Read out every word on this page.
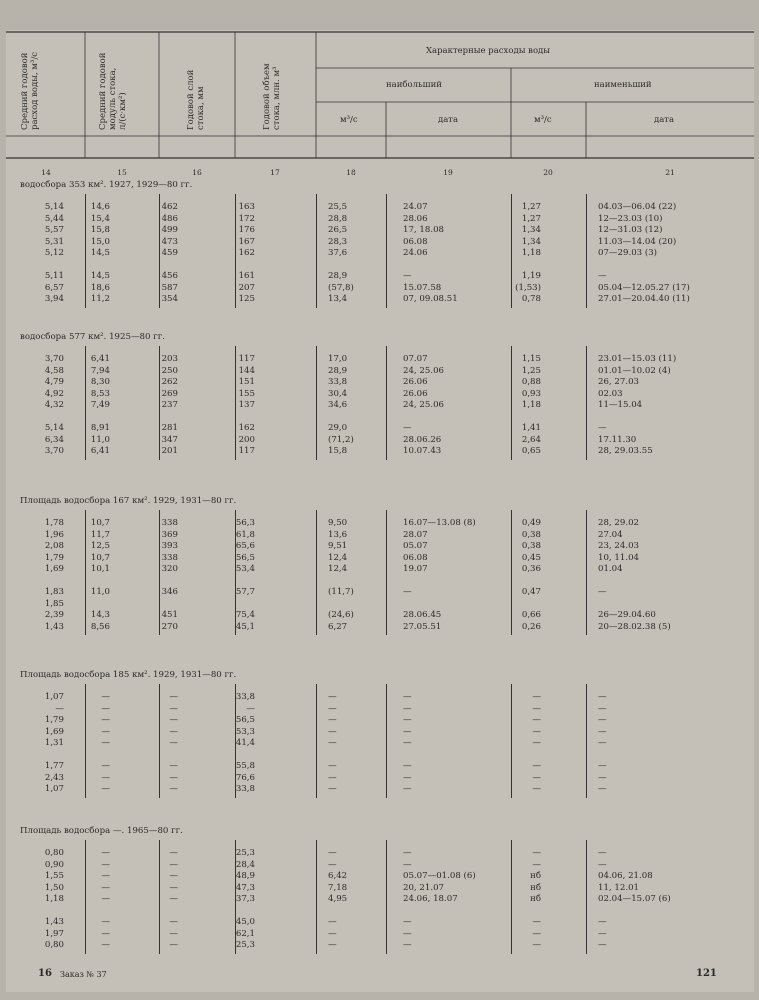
Средний годовой расход воды, м³/с	Средний годовой модуль стока, л/(с·км²)	Годовой слой стока, мм	Годовой объем стока, млн. м³
Характерные расходы воды
наибольший	наименьший
м³/с	дата	м³/с	дата
14	15	16	17	18	19	20	21
водосбора 353 км². 1927, 1929—80 гг.
5,14	14,6	462	163	25,5	24.07	1,27	04.03—06.04 (22)
5,44	15,4	486	172	28,8	28.06	1,27	12—23.03 (10)
5,57	15,8	499	176	26,5	17, 18.08	1,34	12—31.03 (12)
5,31	15,0	473	167	28,3	06.08	1,34	11.03—14.04 (20)
5,12	14,5	459	162	37,6	24.06	1,18	07—29.03 (3)
5,11	14,5	456	161	28,9	—	1,19	—
6,57	18,6	587	207	(57,8)	15.07.58	(1,53)	05.04—12.05.27 (17)
3,94	11,2	354	125	13,4	07, 09.08.51	0,78	27.01—20.04.40 (11)
водосбора 577 км². 1925—80 гг.
3,70	6,41	203	117	17,0	07.07	1,15	23.01—15.03 (11)
4,58	7,94	250	144	28,9	24, 25.06	1,25	01.01—10.02 (4)
4,79	8,30	262	151	33,8	26.06	0,88	26, 27.03
4,92	8,53	269	155	30,4	26.06	0,93	02.03
4,32	7,49	237	137	34,6	24, 25.06	1,18	11—15.04
5,14	8,91	281	162	29,0	—	1,41	—
6,34	11,0	347	200	(71,2)	28.06.26	2,64	17.11.30
3,70	6,41	201	117	15,8	10.07.43	0,65	28, 29.03.55
Площадь водосбора 167 км². 1929, 1931—80 гг.
1,78	10,7	338	56,3	9,50	16.07—13.08 (8)	0,49	28, 29.02
1,96	11,7	369	61,8	13,6	28.07	0,38	27.04
2,08	12,5	393	65,6	9,51	05.07	0,38	23, 24.03
1,79	10,7	338	56,5	12,4	06.08	0,45	10, 11.04
1,69	10,1	320	53,4	12,4	19.07	0,36	01.04
1,83	11,0	346	57,7	(11,7)	—	0,47	—
1,85
2,39	14,3	451	75,4	(24,6)	28.06.45	0,66	26—29.04.60
1,43	8,56	270	45,1	6,27	27.05.51	0,26	20—28.02.38 (5)
Площадь водосбора 185 км². 1929, 1931—80 гг.
1,07	—	—	33,8	—	—	—	—
—	—	—	—	—	—	—	—
1,79	—	—	56,5	—	—	—	—
1,69	—	—	53,3	—	—	—	—
1,31	—	—	41,4	—	—	—	—
1,77	—	—	55,8	—	—	—	—
2,43	—	—	76,6	—	—	—	—
1,07	—	—	33,8	—	—	—	—
Площадь водосбора —. 1965—80 гг.
0,80	—	—	25,3	—	—	—	—
0,90	—	—	28,4	—	—	—	—
1,55	—	—	48,9	6,42	05.07—01.08 (6)	нб	04.06, 21.08
1,50	—	—	47,3	7,18	20, 21.07	нб	11, 12.01
1,18	—	—	37,3	4,95	24.06, 18.07	нб	02.04—15.07 (6)
1,43	—	—	45,0	—	—	—	—
1,97	—	—	62,1	—	—	—	—
0,80	—	—	25,3	—	—	—	—
16 Заказ № 37	121
